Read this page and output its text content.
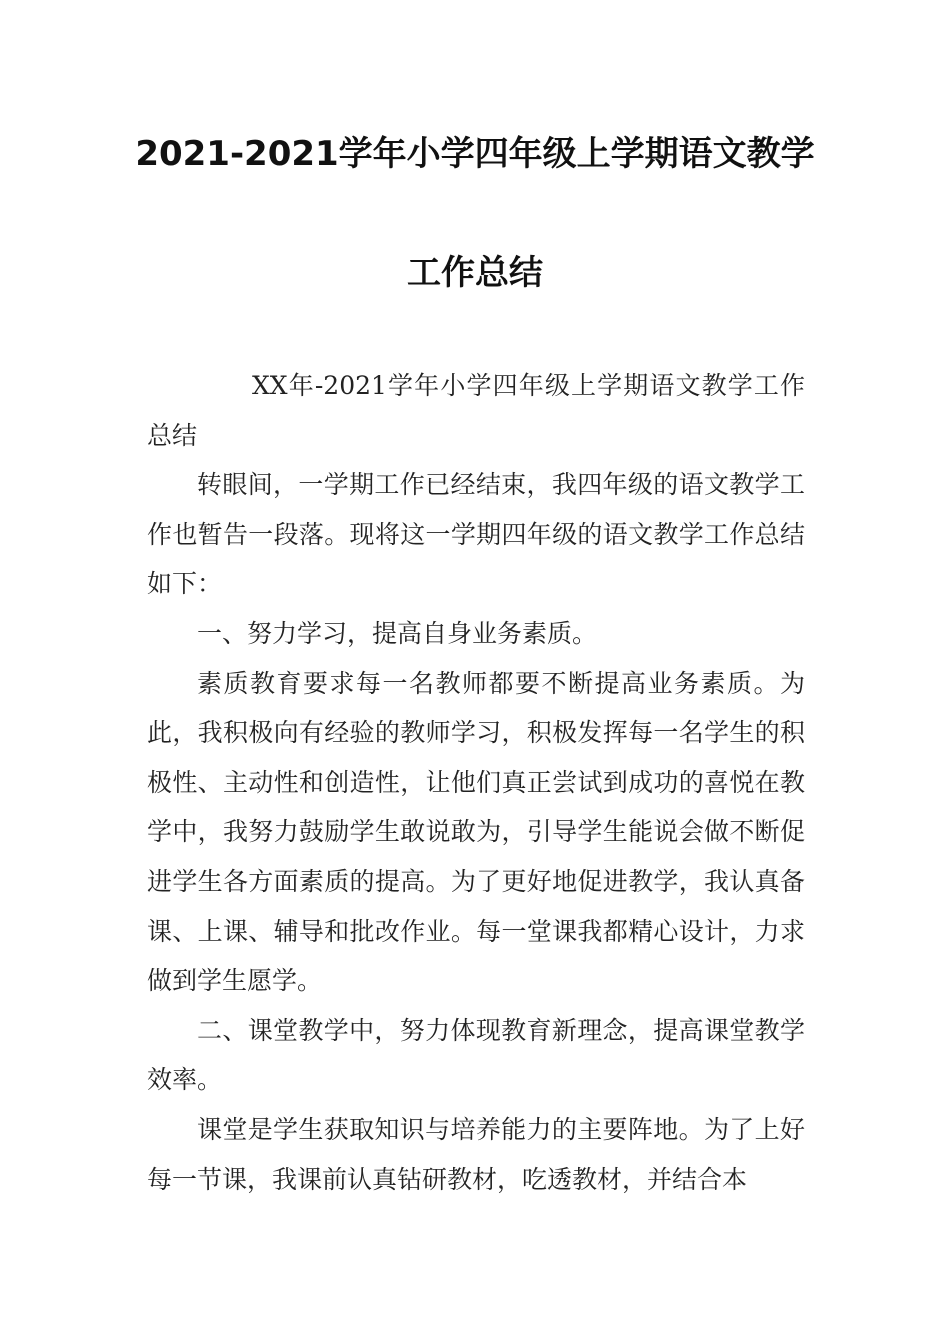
2021-2021学年小学四年级上学期语文教学
工作总结

XX年-2021学年小学四年级上学期语文教学工作总结

转眼间，一学期工作已经结束，我四年级的语文教学工作也暂告一段落。现将这一学期四年级的语文教学工作总结如下：

一、努力学习，提高自身业务素质。

素质教育要求每一名教师都要不断提高业务素质。为此，我积极向有经验的教师学习，积极发挥每一名学生的积极性、主动性和创造性，让他们真正尝试到成功的喜悦在教学中，我努力鼓励学生敢说敢为，引导学生能说会做不断促进学生各方面素质的提高。为了更好地促进教学，我认真备课、上课、辅导和批改作业。每一堂课我都精心设计，力求做到学生愿学。

二、课堂教学中，努力体现教育新理念，提高课堂教学效率。

课堂是学生获取知识与培养能力的主要阵地。为了上好每一节课，我课前认真钻研教材，吃透教材，并结合本
